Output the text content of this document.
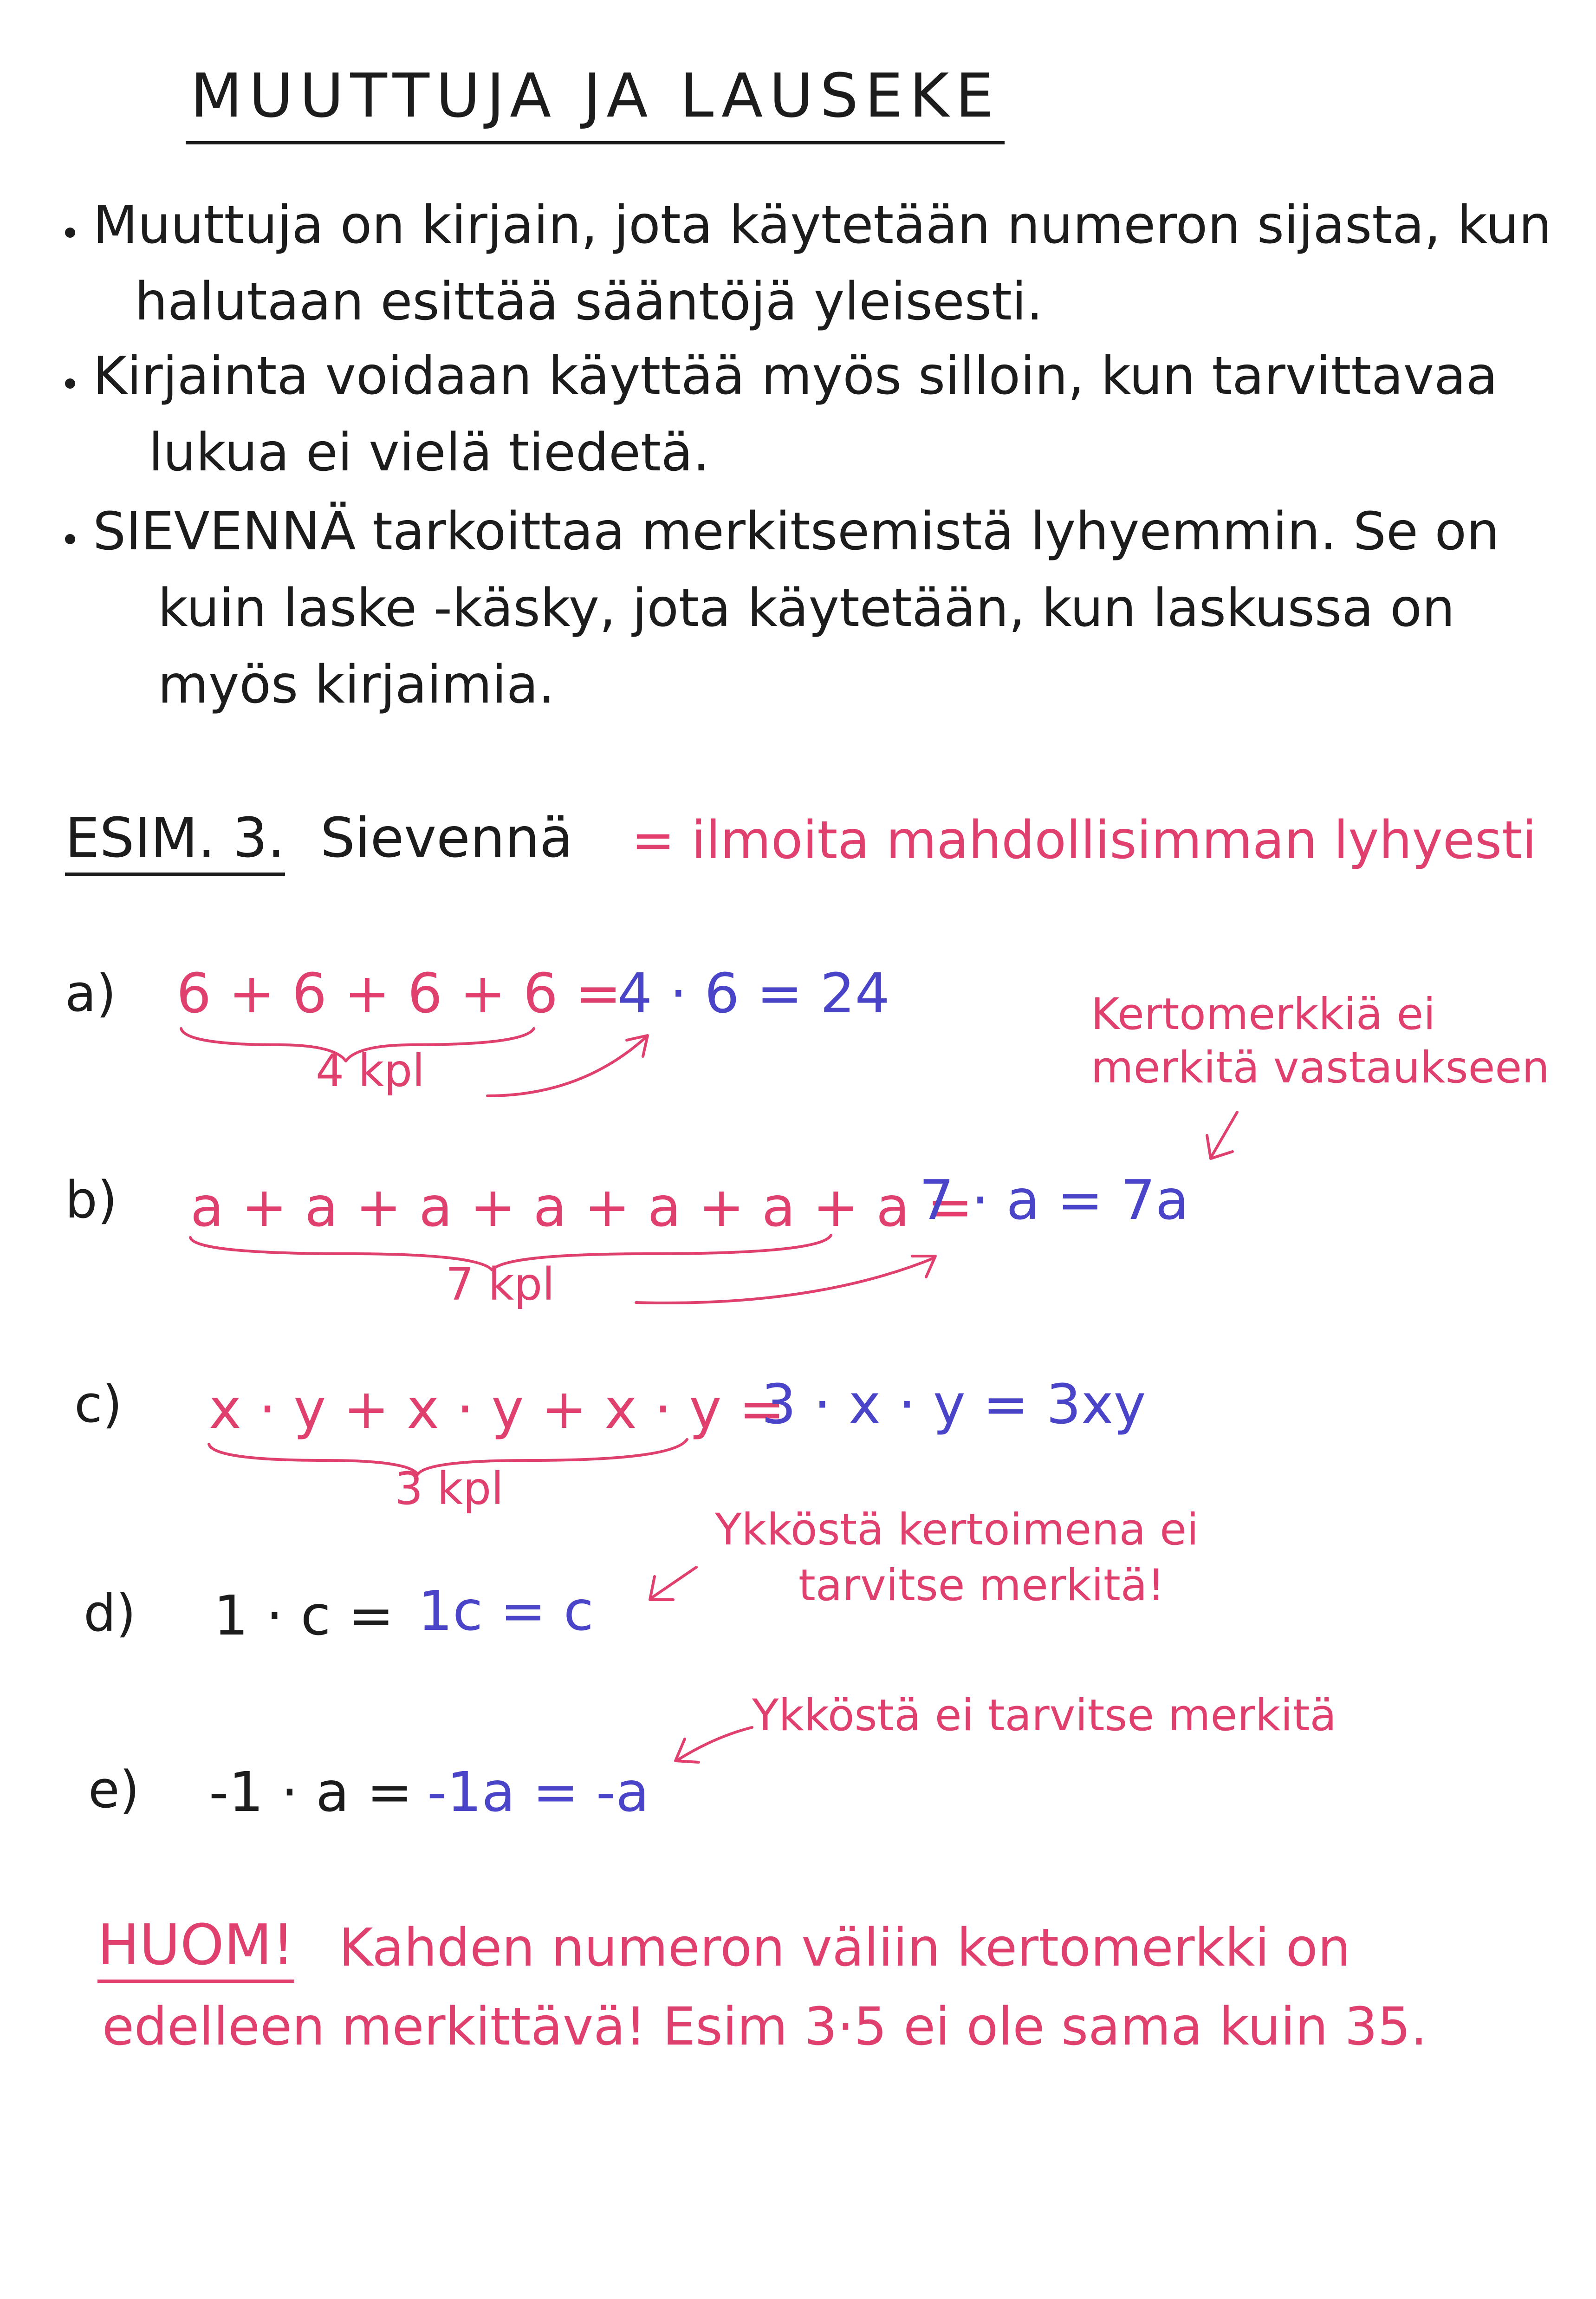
MUUTTUJA JA LAUSEKE
Muuttuja on kirjain, jota käytetään numeron sijasta, kun
halutaan esittää sääntöjä yleisesti.
Kirjainta voidaan käyttää myös silloin, kun tarvittavaa
lukua ei vielä tiedetä.
SIEVENNÄ tarkoittaa merkitsemistä lyhyemmin. Se on
kuin laske -käsky, jota käytetään, kun laskussa on
myös kirjaimia.
ESIM. 3. Sievennä = ilmoita mahdollisimman lyhyesti
a) 6 + 6 + 6 + 6 =
4 · 6 = 24
4 kpl
Kertomerkkiä ei
merkitä vastaukseen
b) a + a + a + a + a + a + a =
7 · a = 7a
7 kpl
c) x · y + x · y + x · y =
3 · x · y = 3xy
3 kpl
Ykköstä kertoimena ei
tarvitse merkitä!
d) 1 · c = 1c = c
Ykköstä ei tarvitse merkitä
e) -1 · a = -1a = -a
HUOM! Kahden numeron väliin kertomerkki on
edelleen merkittävä! Esim 3·5 ei ole sama kuin 35.
